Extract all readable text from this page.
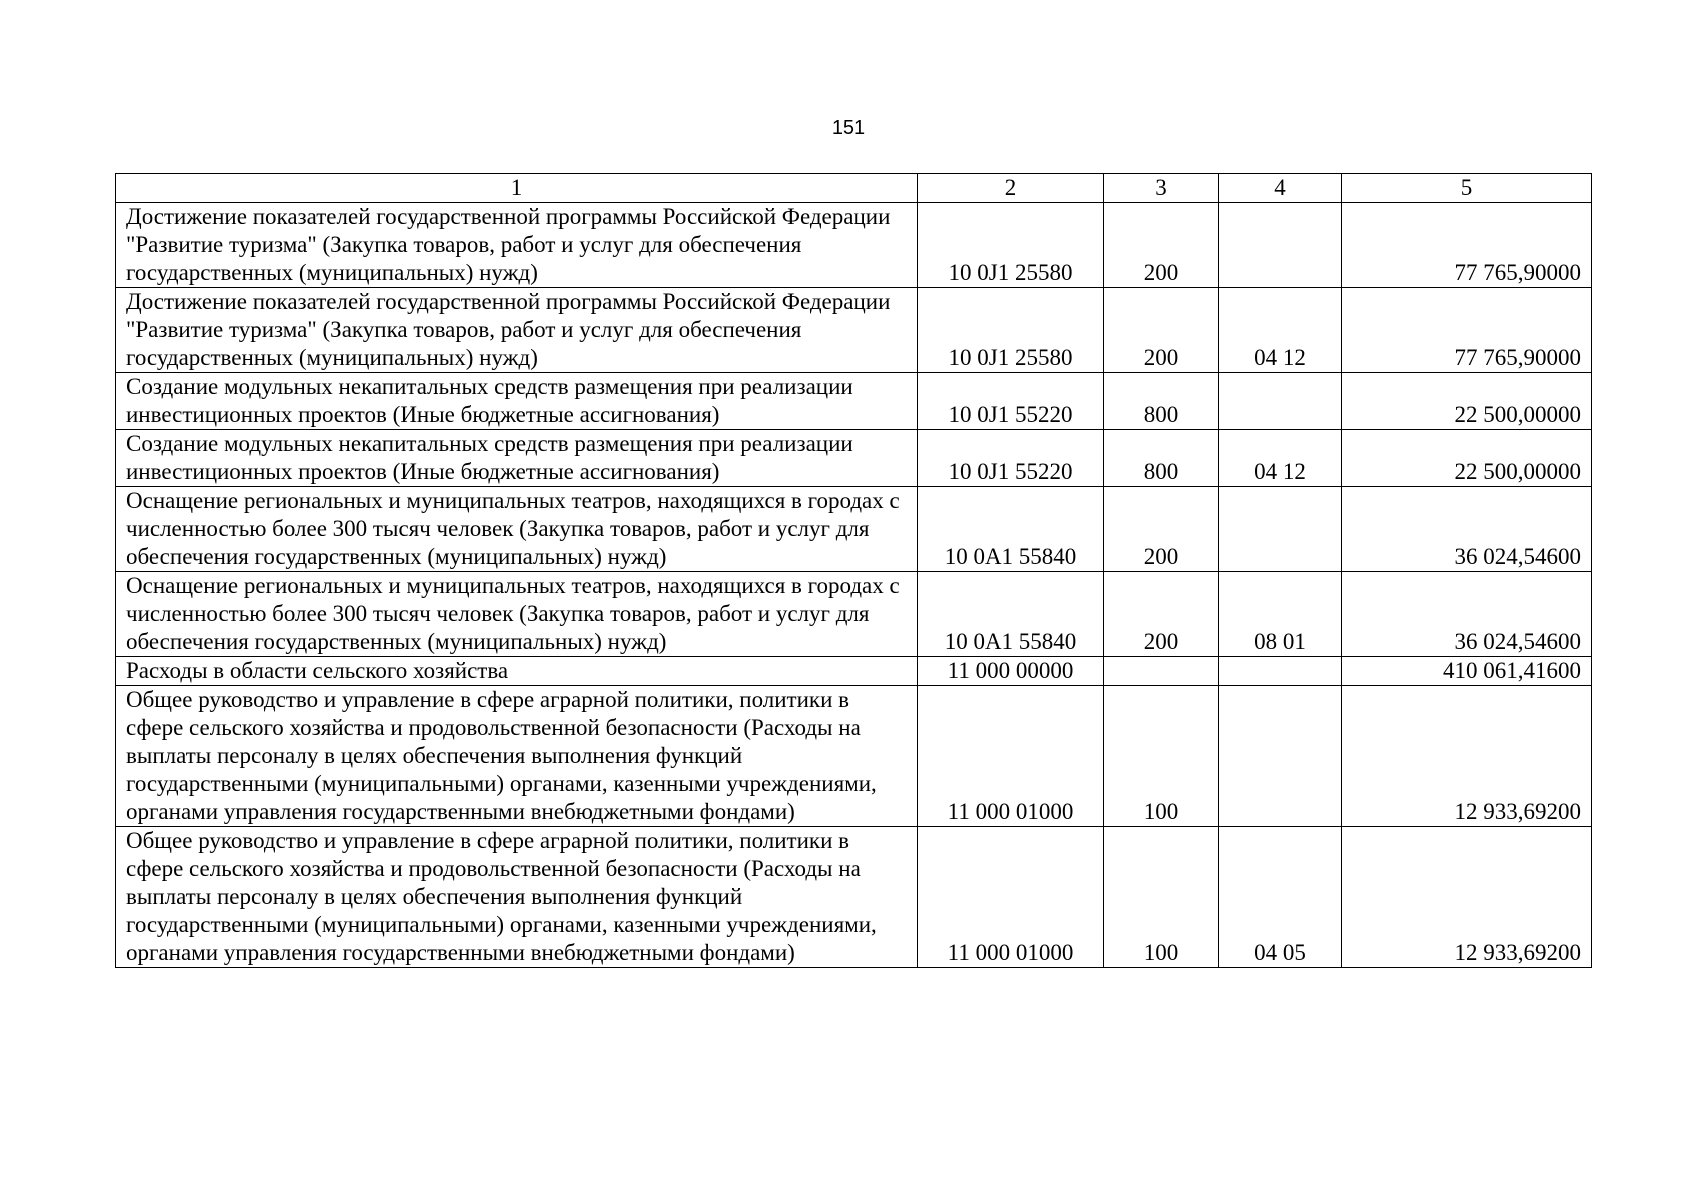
151
1	2	3	4	5
Достижение показателей государственной программы Российской Федерации "Развитие туризма" (Закупка товаров, работ и услуг для обеспечения государственных (муниципальных) нужд)	10 0J1 25580	200		77 765,90000
Достижение показателей государственной программы Российской Федерации "Развитие туризма" (Закупка товаров, работ и услуг для обеспечения государственных (муниципальных) нужд)	10 0J1 25580	200	04 12	77 765,90000
Создание модульных некапитальных средств размещения при реализации инвестиционных проектов (Иные бюджетные ассигнования)	10 0J1 55220	800		22 500,00000
Создание модульных некапитальных средств размещения при реализации инвестиционных проектов (Иные бюджетные ассигнования)	10 0J1 55220	800	04 12	22 500,00000
Оснащение региональных и муниципальных театров, находящихся в городах с численностью более 300 тысяч человек (Закупка товаров, работ и услуг для обеспечения государственных (муниципальных) нужд)	10 0A1 55840	200		36 024,54600
Оснащение региональных и муниципальных театров, находящихся в городах с численностью более 300 тысяч человек (Закупка товаров, работ и услуг для обеспечения государственных (муниципальных) нужд)	10 0A1 55840	200	08 01	36 024,54600
Расходы в области сельского хозяйства	11 000 00000			410 061,41600
Общее руководство и управление в сфере аграрной политики, политики в сфере сельского хозяйства и продовольственной безопасности (Расходы на выплаты персоналу в целях обеспечения выполнения функций государственными (муниципальными) органами, казенными учреждениями, органами управления государственными внебюджетными фондами)	11 000 01000	100		12 933,69200
Общее руководство и управление в сфере аграрной политики, политики в сфере сельского хозяйства и продовольственной безопасности (Расходы на выплаты персоналу в целях обеспечения выполнения функций государственными (муниципальными) органами, казенными учреждениями, органами управления государственными внебюджетными фондами)	11 000 01000	100	04 05	12 933,69200
